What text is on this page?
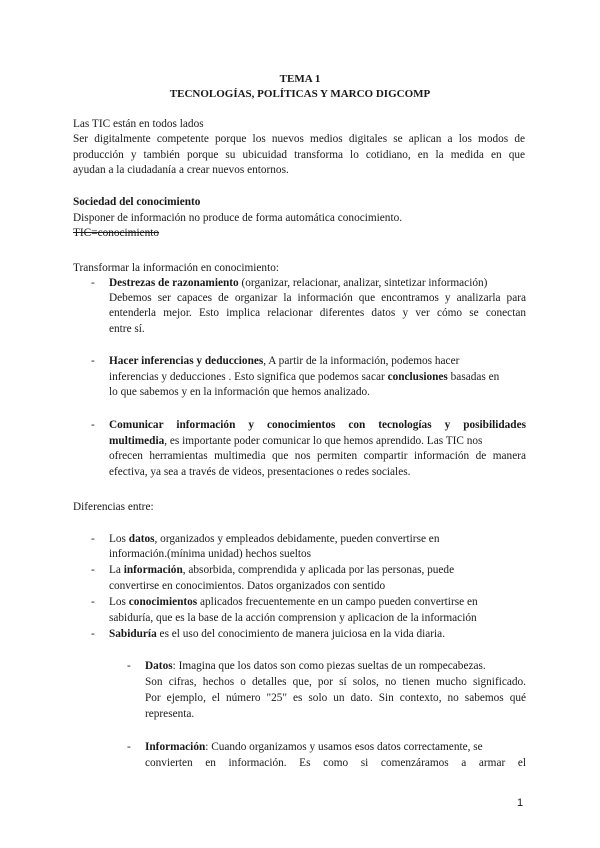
TEMA 1
TECNOLOGÍAS, POLÍTICAS Y MARCO DIGCOMP
Las TIC están en todos lados
Ser digitalmente competente porque los nuevos medios digitales se aplican a los modos de
producción y también porque su ubicuidad transforma lo cotidiano, en la medida en que
ayudan a la ciudadanía a crear nuevos entornos.
Sociedad del conocimiento
Disponer de información no produce de forma automática conocimiento.
TIC=conocimiento
Transformar la información en conocimiento:
- Destrezas de razonamiento (organizar, relacionar, analizar, sintetizar información)
Debemos ser capaces de organizar la información que encontramos y analizarla para
entenderla mejor. Esto implica relacionar diferentes datos y ver cómo se conectan
entre sí.
- Hacer inferencias y deducciones, A partir de la información, podemos hacer
inferencias y deducciones . Esto significa que podemos sacar conclusiones basadas en
lo que sabemos y en la información que hemos analizado.
- Comunicar información y conocimientos con tecnologías y posibilidades
multimedia, es importante poder comunicar lo que hemos aprendido. Las TIC nos
ofrecen herramientas multimedia que nos permiten compartir información de manera
efectiva, ya sea a través de videos, presentaciones o redes sociales.
Diferencias entre:
- Los datos, organizados y empleados debidamente, pueden convertirse en
información.(mínima unidad) hechos sueltos
- La información, absorbida, comprendida y aplicada por las personas, puede
convertirse en conocimientos. Datos organizados con sentido
- Los conocimientos aplicados frecuentemente en un campo pueden convertirse en
sabiduría, que es la base de la acción comprension y aplicacion de la información
- Sabiduría es el uso del conocimiento de manera juiciosa en la vida diaria.
- Datos: Imagina que los datos son como piezas sueltas de un rompecabezas.
Son cifras, hechos o detalles que, por sí solos, no tienen mucho significado.
Por ejemplo, el número "25" es solo un dato. Sin contexto, no sabemos qué
representa.
- Información: Cuando organizamos y usamos esos datos correctamente, se
convierten en información. Es como si comenzáramos a armar el
1
